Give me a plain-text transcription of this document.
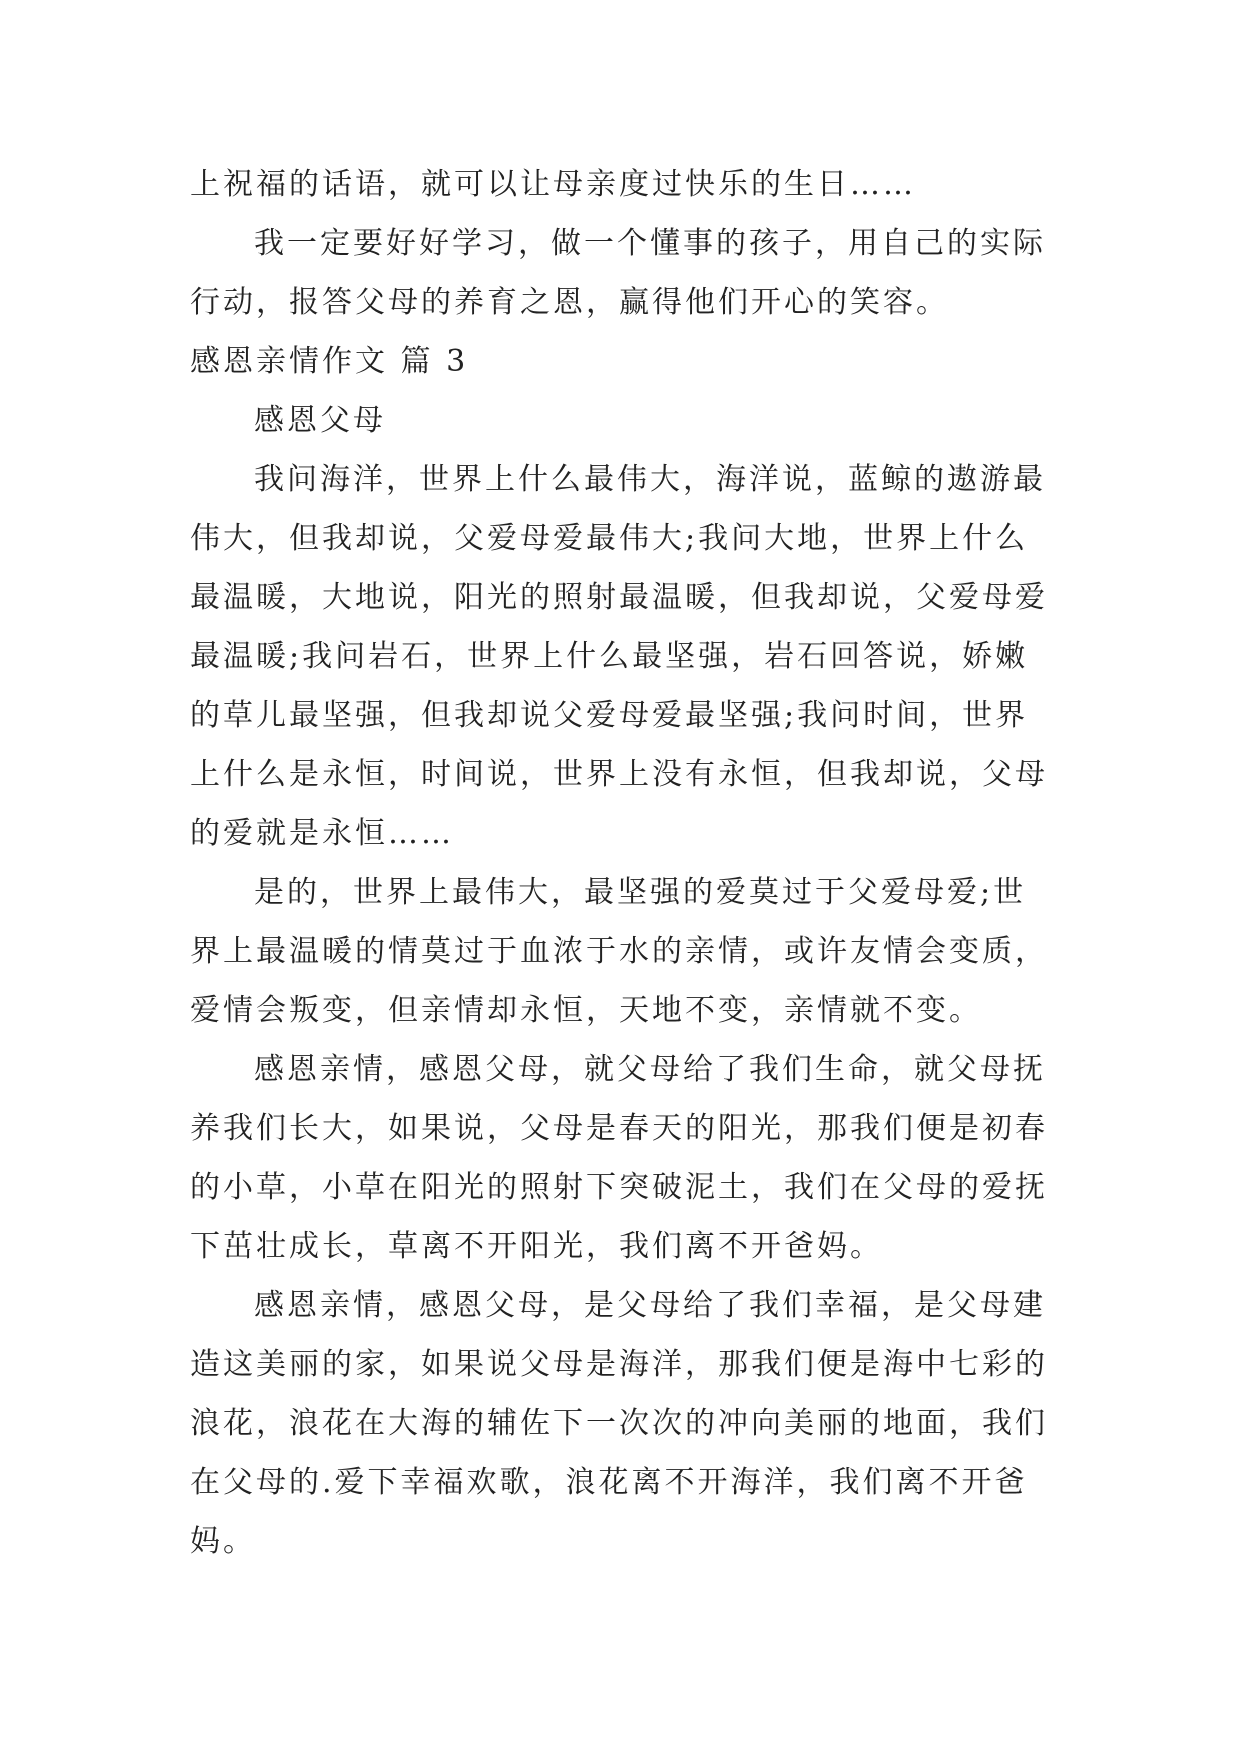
上祝福的话语，就可以让母亲度过快乐的生日……
我一定要好好学习，做一个懂事的孩子，用自己的实际
行动，报答父母的养育之恩，赢得他们开心的笑容。
感恩亲情作文 篇 3
感恩父母
我问海洋，世界上什么最伟大，海洋说，蓝鲸的遨游最
伟大，但我却说，父爱母爱最伟大;我问大地，世界上什么
最温暖，大地说，阳光的照射最温暖，但我却说，父爱母爱
最温暖;我问岩石，世界上什么最坚强，岩石回答说，娇嫩
的草儿最坚强，但我却说父爱母爱最坚强;我问时间，世界
上什么是永恒，时间说，世界上没有永恒，但我却说，父母
的爱就是永恒……
是的，世界上最伟大，最坚强的爱莫过于父爱母爱;世
界上最温暖的情莫过于血浓于水的亲情，或许友情会变质，
爱情会叛变，但亲情却永恒，天地不变，亲情就不变。
感恩亲情，感恩父母，就父母给了我们生命，就父母抚
养我们长大，如果说，父母是春天的阳光，那我们便是初春
的小草，小草在阳光的照射下突破泥土，我们在父母的爱抚
下茁壮成长，草离不开阳光，我们离不开爸妈。
感恩亲情，感恩父母，是父母给了我们幸福，是父母建
造这美丽的家，如果说父母是海洋，那我们便是海中七彩的
浪花，浪花在大海的辅佐下一次次的冲向美丽的地面，我们
在父母的.爱下幸福欢歌，浪花离不开海洋，我们离不开爸
妈。
